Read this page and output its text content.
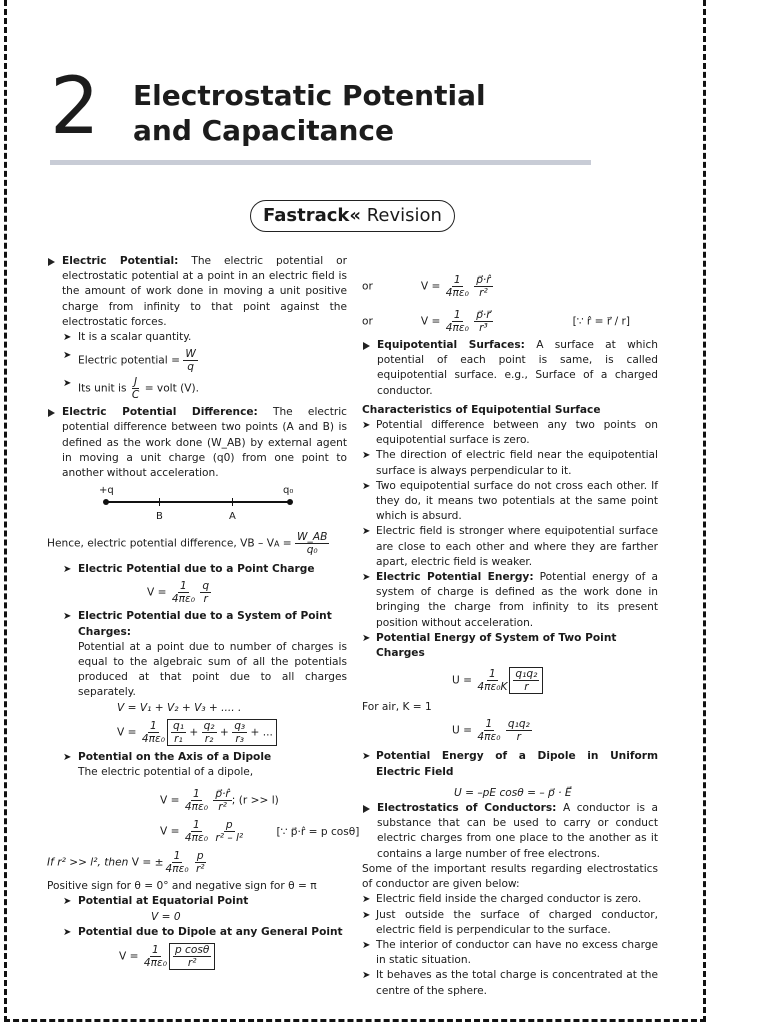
2 Electrostatic Potential
and Capacitance
Fastrack« Revision

Electric Potential: The electric potential or electrostatic potential at a point in an electric field is the amount of work done in moving a unit positive charge from infinity to that point against the electrostatic forces.

➤ It is a scalar quantity.

➤ Electric potential = $\frac{W}{q}$

➤ Its unit is $\frac{J}{C}$ = volt (V).

Electric Potential Difference: The electric potential difference between two points (A and B) is defined as the work done (W_AB) by external agent in moving a unit charge (q0) from one point to another without acceleration.

+q	q₀
B	A

Hence, electric potential difference, VB – VA = $\frac{W\_AB}{\text{q₀}}$

➤ Electric Potential due to a Point Charge

$V = \frac{1}{\text{4πε₀}}$
$\frac{q}{r}$

➤ Electric Potential due to a System of Point Charges:

Potential at a point due to number of charges is equal to the algebraic sum of all the potentials produced at that point due to all charges separately.

V = V₁ + V₂ + V₃ + .... .

$V = \frac{1}{\text{4πε₀}} \frac{\text{q₁}}{\text{r₁}} + \frac{\text{q₂}}{\text{r₂}} + \frac{\text{q₃}}{\text{r₃}}$ + ...

➤ Potential on the Axis of a Dipole

The electric potential of a dipole,

$V = \frac{1}{\text{4πε₀}}$
$\frac{p⃗\cdot r̂}{\text{r²}}$ ; (r >> l)

$V = \frac{1}{\text{4πε₀}}$
$\frac{p}{\text{r² – l²}}$	[∵ p⃗·r̂ = p cosθ]

If r² >> l², then V = ± $\frac{1}{\text{4πε₀}}$
$\frac{p}{\text{r²}}$

Positive sign for θ = 0° and negative sign for θ = π

➤ Potential at Equatorial Point

V = 0

➤ Potential due to Dipole at any General Point

$V = \frac{1}{\text{4πε₀}} \frac{\text{p cosθ}}{\text{r²}}$

or	$V = \frac{1}{\text{4πε₀}}$
$\frac{p⃗\cdot r̂}{\text{r²}}$

or	$V = \frac{1}{\text{4πε₀}}$
$\frac{p⃗\cdot r⃗}{\text{r³}}$	[∵ r̂ = r⃗ / r]

Equipotential Surfaces: A surface at which potential of each point is same, is called equipotential surface. e.g., Surface of a charged conductor.

Characteristics of Equipotential Surface

➤ Potential difference between any two points on equipotential surface is zero.

➤ The direction of electric field near the equipotential surface is always perpendicular to it.

➤ Two equipotential surface do not cross each other. If they do, it means two potentials at the same point which is absurd.

➤ Electric field is stronger where equipotential surface are close to each other and where they are farther apart, electric field is weaker.

➤ Electric Potential Energy: Potential energy of a system of charge is defined as the work done in bringing the charge from infinity to its present position without acceleration.

➤ Potential Energy of System of Two Point Charges

$U = \frac{1}{\text{4πε₀K}} \frac{\text{q₁q₂}}{r}$

For air, K = 1

$U = \frac{1}{\text{4πε₀}}$
$\frac{\text{q₁q₂}}{r}$

➤ Potential Energy of a Dipole in Uniform Electric Field

U = –pE cosθ = – p⃗ · E⃗

Electrostatics of Conductors: A conductor is a substance that can be used to carry or conduct electric charges from one place to the another as it contains a large number of free electrons.

Some of the important results regarding electrostatics of conductor are given below:

➤ Electric field inside the charged conductor is zero.

➤ Just outside the surface of charged conductor, electric field is perpendicular to the surface.

➤ The interior of conductor can have no excess charge in static situation.

➤ It behaves as the total charge is concentrated at the centre of the sphere.
